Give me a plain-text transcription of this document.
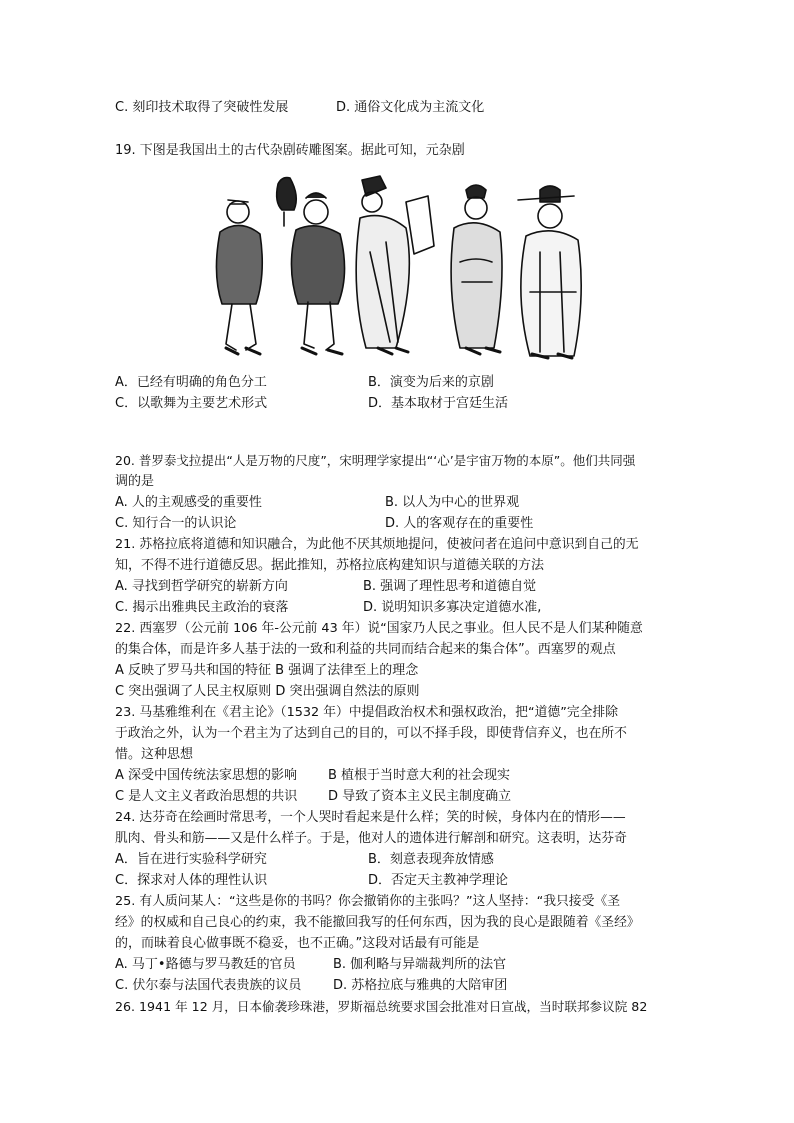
C. 刻印技术取得了突破性发展	D. 通俗文化成为主流文化
19. 下图是我国出土的古代杂剧砖雕图案。据此可知，元杂剧
A．已经有明确的角色分工	B．演变为后来的京剧
C．以歌舞为主要艺术形式	D．基本取材于宫廷生活
20. 普罗泰戈拉提出“人是万物的尺度”，宋明理学家提出“‘心’是宇宙万物的本原”。他们共同强
调的是
A. 人的主观感受的重要性	B. 以人为中心的世界观
C. 知行合一的认识论	D. 人的客观存在的重要性
21. 苏格拉底将道德和知识融合，为此他不厌其烦地提问，使被问者在追问中意识到自己的无
知，不得不进行道德反思。据此推知，苏格拉底构建知识与道德关联的方法
A. 寻找到哲学研究的崭新方向	B. 强调了理性思考和道德自觉
C. 揭示出雅典民主政治的衰落	D. 说明知识多寡决定道德水准,
22. 西塞罗（公元前 106 年-公元前 43 年）说“国家乃人民之事业。但人民不是人们某种随意
的集合体，而是许多人基于法的一致和利益的共同而结合起来的集合体”。西塞罗的观点
A 反映了罗马共和国的特征 B 强调了法律至上的理念
C 突出强调了人民主权原则 D 突出强调自然法的原则
23. 马基雅维利在《君主论》（1532 年）中提倡政治权术和强权政治，把“道德”完全排除
于政治之外，认为一个君主为了达到自己的目的，可以不择手段，即使背信弃义，也在所不
惜。这种思想
A 深受中国传统法家思想的影响 B 植根于当时意大利的社会现实
C 是人文主义者政治思想的共识 D 导致了资本主义民主制度确立
24. 达芬奇在绘画时常思考，一个人哭时看起来是什么样；笑的时候，身体内在的情形——
肌肉、骨头和筋——又是什么样子。于是，他对人的遗体进行解剖和研究。这表明，达芬奇
A．旨在进行实验科学研究	B．刻意表现奔放情感
C．探求对人体的理性认识	D．否定天主教神学理论
25. 有人质问某人：“这些是你的书吗？你会撤销你的主张吗？”这人坚持：“我只接受《圣
经》的权威和自己良心的约束，我不能撤回我写的任何东西，因为我的良心是跟随着《圣经》
的，而昧着良心做事既不稳妥，也不正确。”这段对话最有可能是
A. 马丁•路德与罗马教廷的官员	B. 伽利略与异端裁判所的法官
C. 伏尔泰与法国代表贵族的议员 D. 苏格拉底与雅典的大陪审团
26. 1941 年 12 月，日本偷袭珍珠港，罗斯福总统要求国会批准对日宣战，当时联邦参议院 82
